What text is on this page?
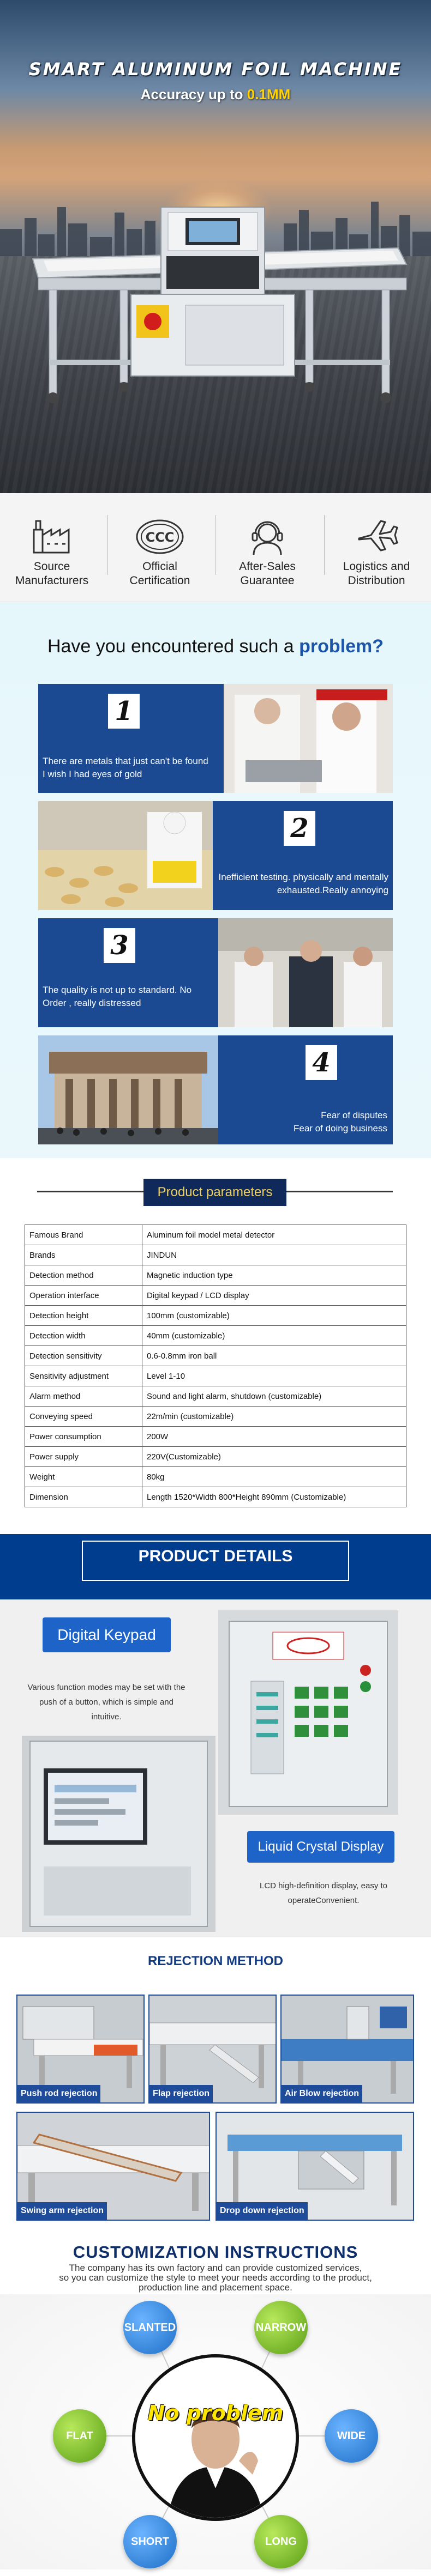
SMART ALUMINUM FOIL MACHINE
Accuracy up to 0.1MM
Source
Manufacturers
CCC
Official
Certification
After-Sales
Guarantee
Logistics and
Distribution
Have you encountered such a problem?
1
There are metals that just can't be found
I wish I had eyes of gold
2
Inefficient testing. physically and mentally
exhausted.Really annoying
3
The quality is not up to standard. No
Order , really distressed
4
Fear of disputes
Fear of doing business
Product parameters
Famous Brand	Aluminum foil model metal detector
Brands	JINDUN
Detection method	Magnetic induction type
Operation interface	Digital keypad / LCD display
Detection height	100mm (customizable)
Detection width	40mm (customizable)
Detection sensitivity	0.6-0.8mm iron ball
Sensitivity adjustment	Level 1-10
Alarm method	Sound and light alarm, shutdown (customizable)
Conveying speed	22m/min (customizable)
Power consumption	200W
Power supply	220V(Customizable)
Weight	80kg
Dimension	Length 1520*Width 800*Height 890mm (Customizable)
PRODUCT DETAILS
Digital Keypad
Various function modes may be set with the push of a button, which is simple and intuitive.
Liquid Crystal Display
LCD high-definition display, easy to operateConvenient.
REJECTION METHOD
Push rod rejection	Flap rejection	Air Blow rejection
Swing arm rejection	Drop down rejection
CUSTOMIZATION INSTRUCTIONS

The company has its own factory and can provide customized services,
so you can customize the style to meet your needs according to the product,
production line and placement space.

No problem
SLANTED	NARROW
FLAT	WIDE
SHORT	LONG
